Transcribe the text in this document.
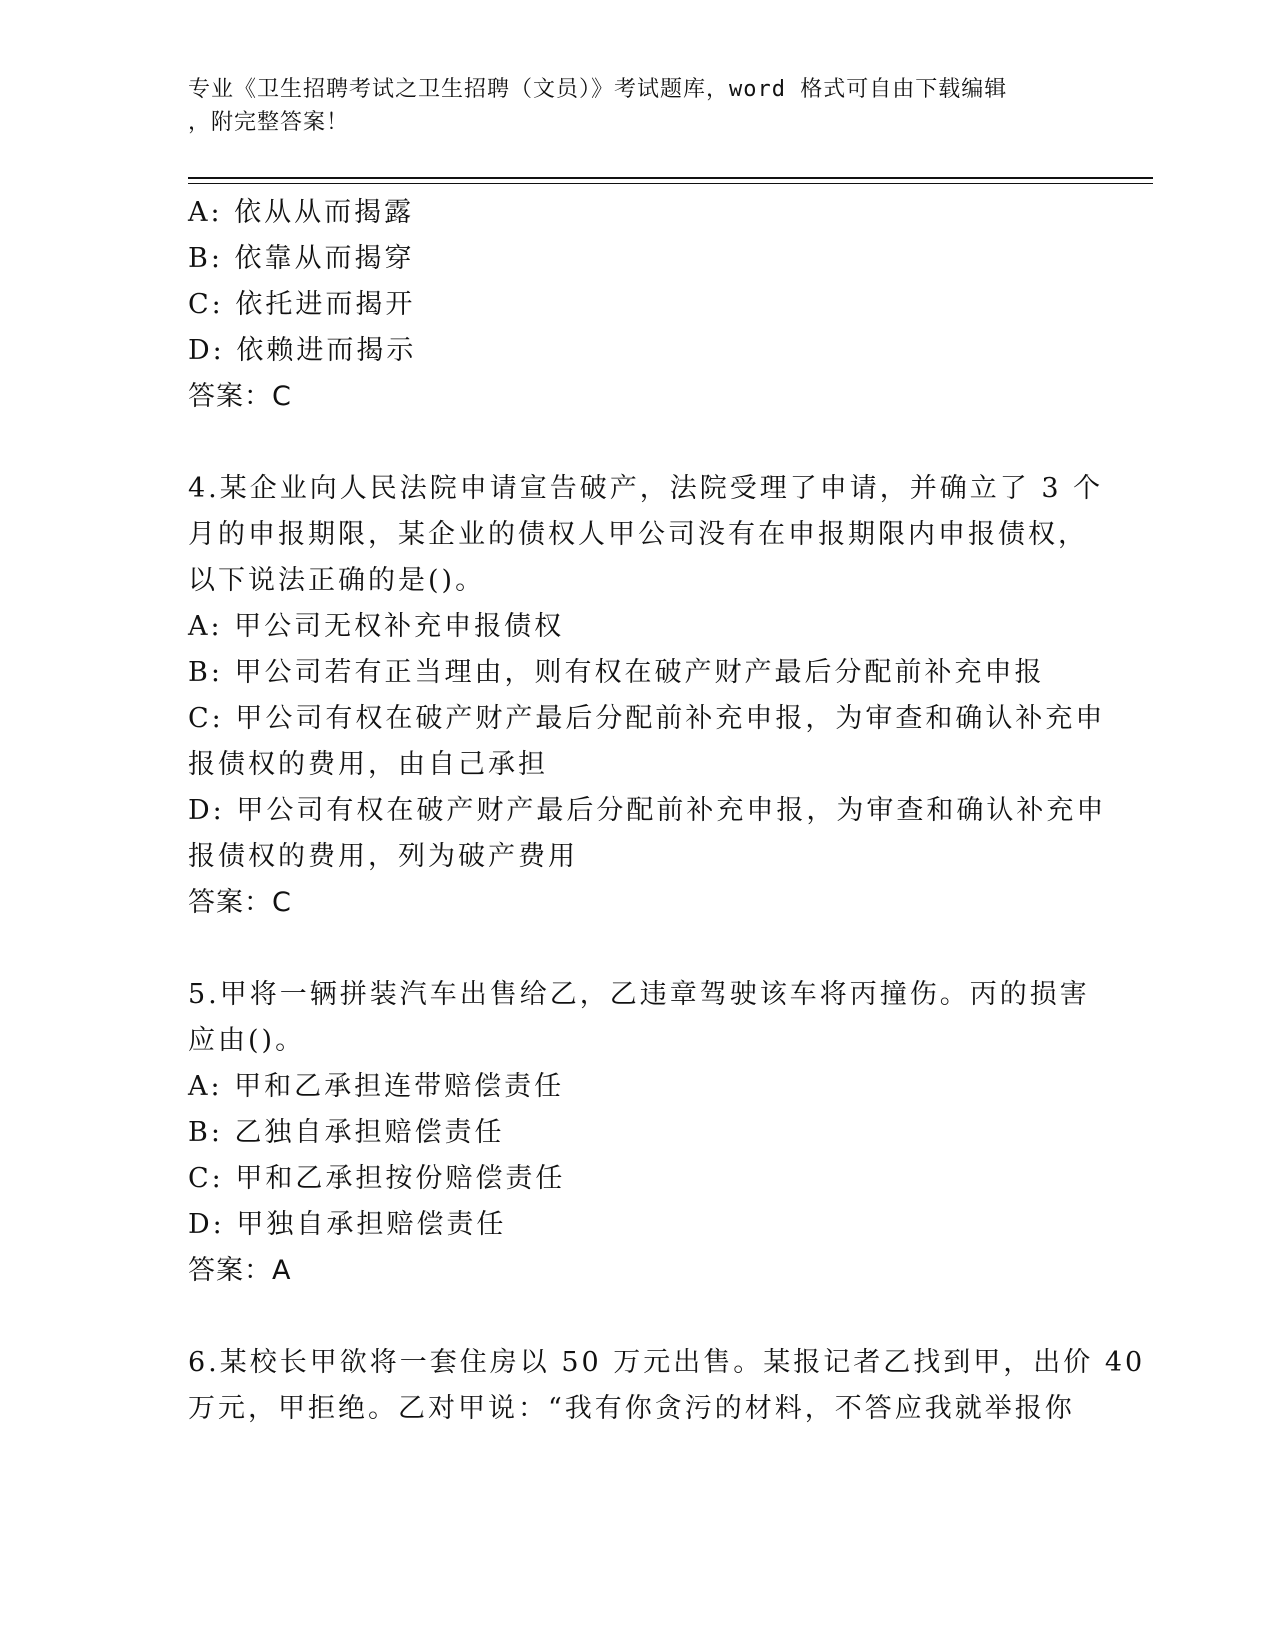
专业《卫生招聘考试之卫生招聘（文员）》考试题库，word 格式可自由下载编辑
，附完整答案！
A: 依从从而揭露
B: 依靠从而揭穿
C: 依托进而揭开
D: 依赖进而揭示
答案：C
4.某企业向人民法院申请宣告破产，法院受理了申请，并确立了 3 个
月的申报期限，某企业的债权人甲公司没有在申报期限内申报债权，
以下说法正确的是()。
A: 甲公司无权补充申报债权
B: 甲公司若有正当理由，则有权在破产财产最后分配前补充申报
C: 甲公司有权在破产财产最后分配前补充申报，为审查和确认补充申
报债权的费用，由自己承担
D: 甲公司有权在破产财产最后分配前补充申报，为审查和确认补充申
报债权的费用，列为破产费用
答案：C
5.甲将一辆拼装汽车出售给乙，乙违章驾驶该车将丙撞伤。丙的损害
应由()。
A: 甲和乙承担连带赔偿责任
B: 乙独自承担赔偿责任
C: 甲和乙承担按份赔偿责任
D: 甲独自承担赔偿责任
答案：A
6.某校长甲欲将一套住房以 50 万元出售。某报记者乙找到甲，出价 40
万元，甲拒绝。乙对甲说：“我有你贪污的材料，不答应我就举报你
